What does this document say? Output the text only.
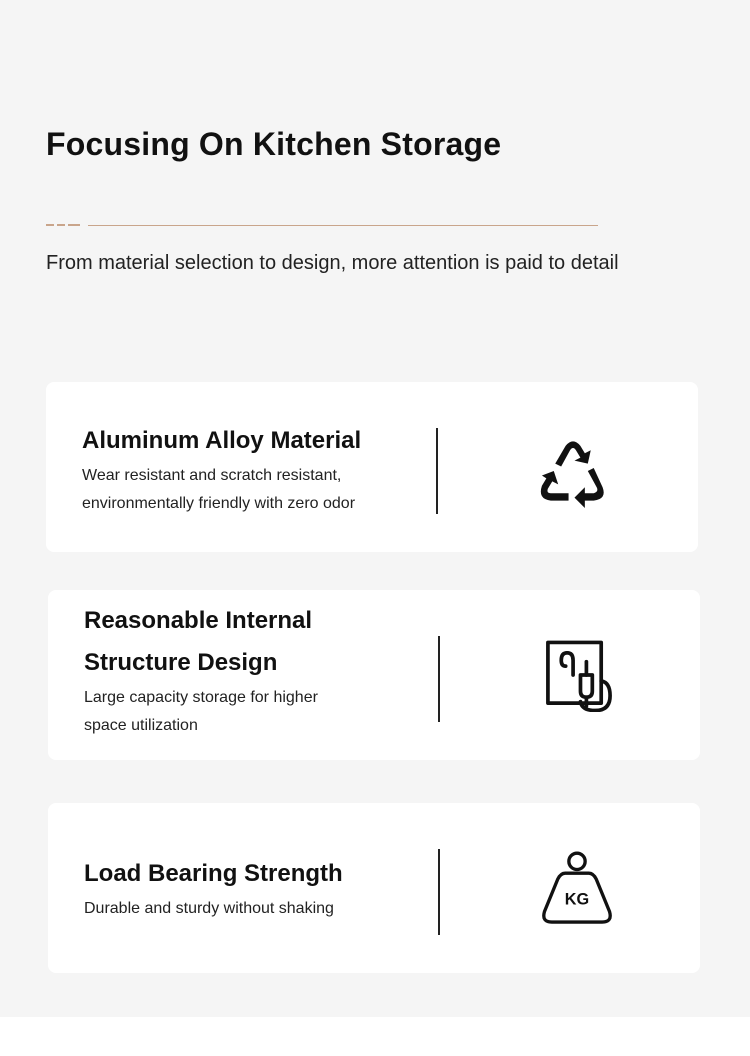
Focusing On Kitchen Storage
From material selection to design, more attention is paid to detail
Aluminum Alloy Material
Wear resistant and scratch resistant,
environmentally friendly with zero odor
Reasonable Internal
Structure Design
Large capacity storage for higher
space utilization
Load Bearing Strength
Durable and sturdy without shaking
KG
